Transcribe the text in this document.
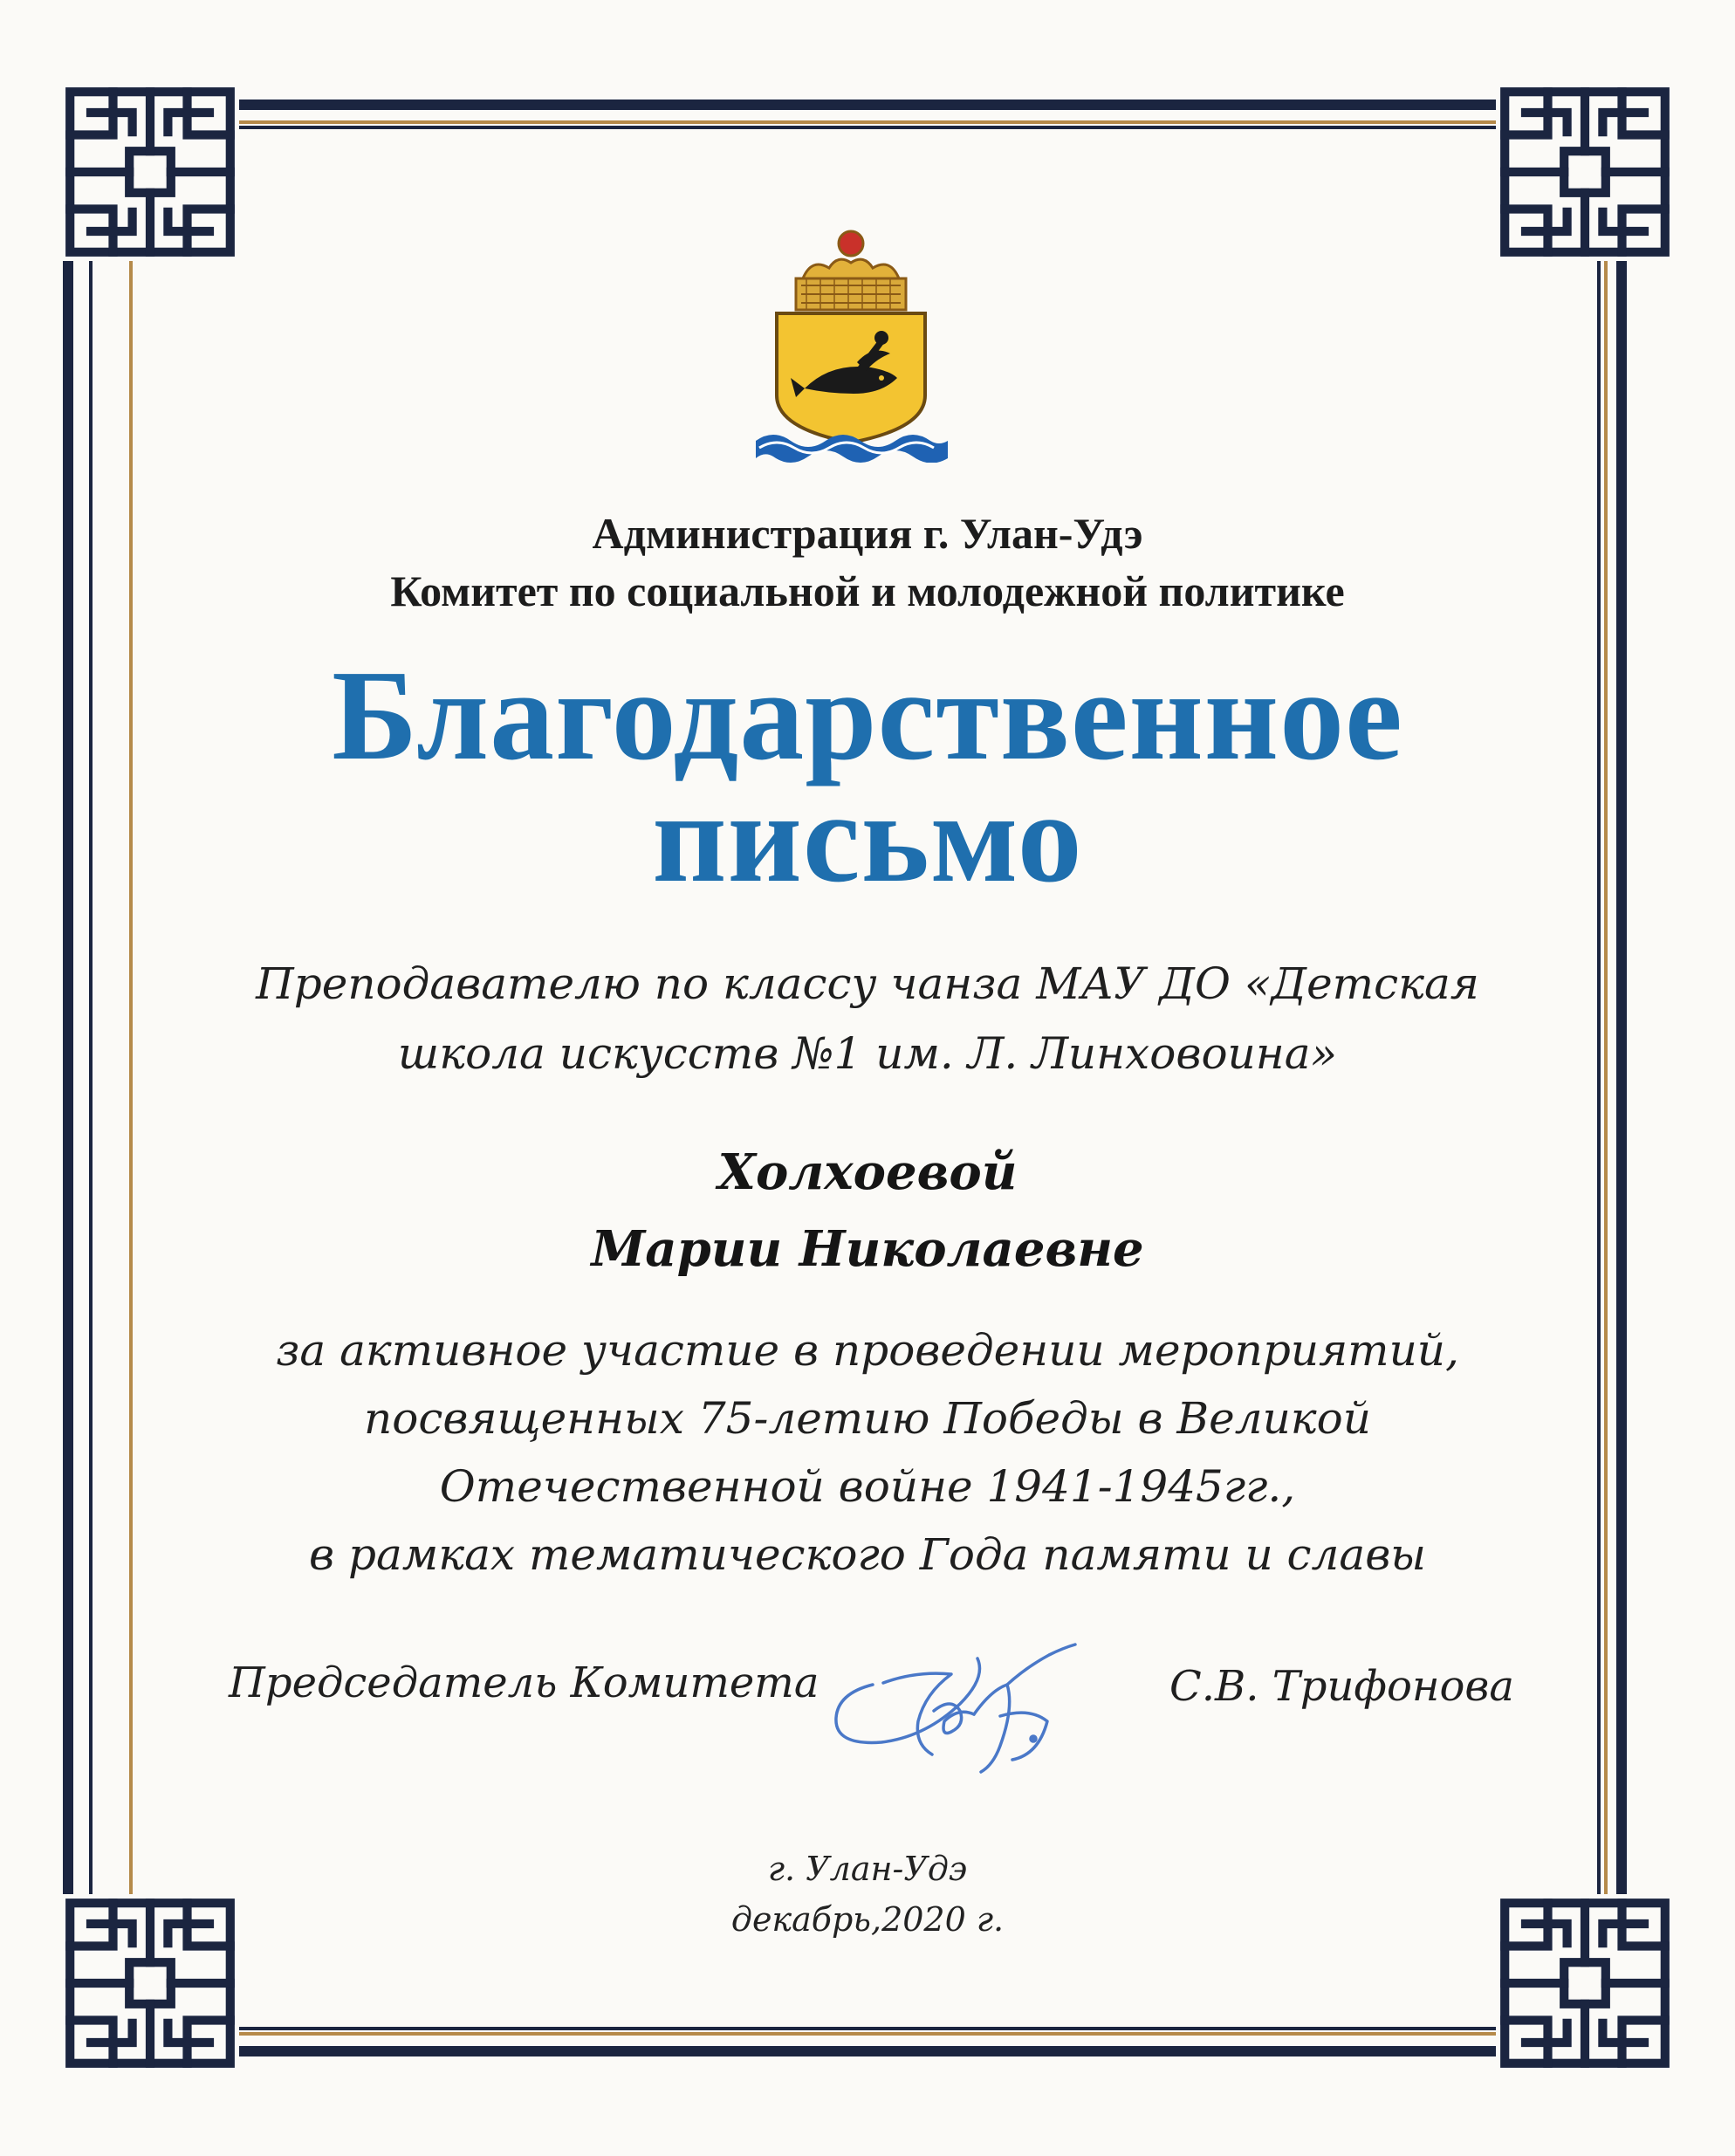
Администрация г. Улан-Удэ
Комитет по социальной и молодежной политике
Благодарственное
письмо
Преподавателю по классу чанза МАУ ДО «Детская
школа искусств №1 им. Л. Линховоина»
Холхоевой
Марии Николаевне
за активное участие в проведении мероприятий,
посвященных 75-летию Победы в Великой
Отечественной войне 1941-1945гг.,
в рамках тематического Года памяти и славы
Председатель Комитета	С.В. Трифонова
г. Улан-Удэ
декабрь,2020 г.
